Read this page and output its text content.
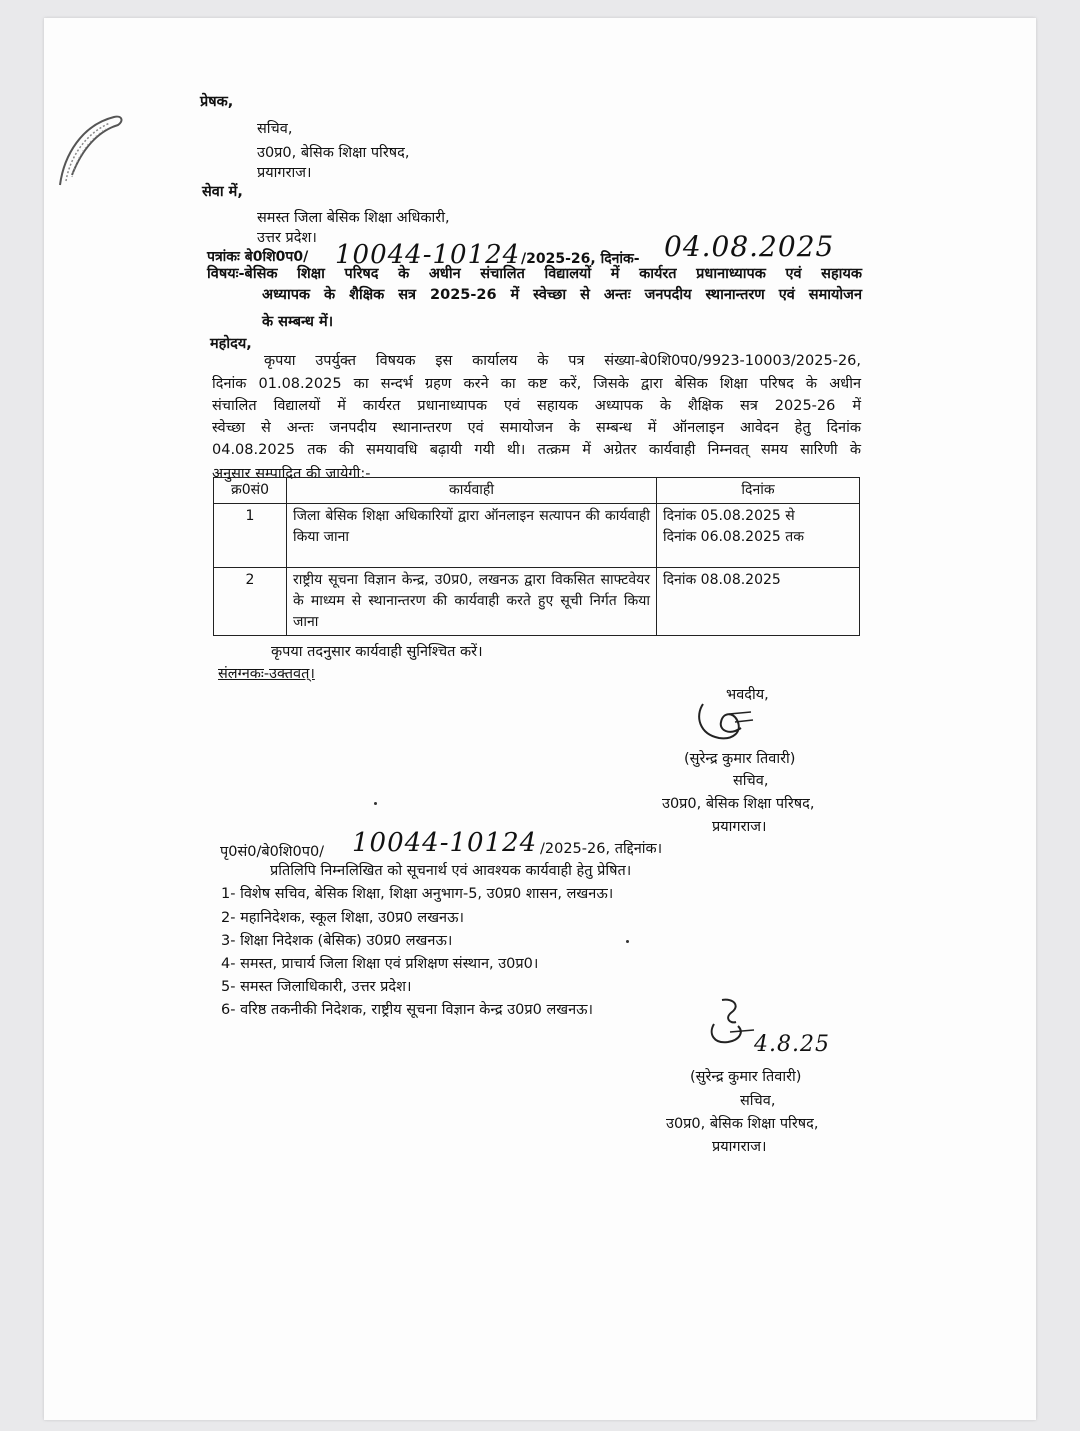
प्रेषक,
सचिव,
उ0प्र0, बेसिक शिक्षा परिषद,
प्रयागराज।
सेवा में,
समस्त जिला बेसिक शिक्षा अधिकारी,
उत्तर प्रदेश।
पत्रांकः बे0शि0प0/ 10044-10124 /2025-26, दिनांक- 04.08.2025
विषयः-बेसिक शिक्षा परिषद के अधीन संचालित विद्यालयों में कार्यरत प्रधानाध्यापक एवं सहायक
अध्यापक के शैक्षिक सत्र 2025-26 में स्वेच्छा से अन्तः जनपदीय स्थानान्तरण एवं समायोजन
के सम्बन्ध में।
महोदय,
कृपया उपर्युक्त विषयक इस कार्यालय के पत्र संख्या-बे0शि0प0/9923-10003/2025-26,
दिनांक 01.08.2025 का सन्दर्भ ग्रहण करने का कष्ट करें, जिसके द्वारा बेसिक शिक्षा परिषद के अधीन
संचालित विद्यालयों में कार्यरत प्रधानाध्यापक एवं सहायक अध्यापक के शैक्षिक सत्र 2025-26 में
स्वेच्छा से अन्तः जनपदीय स्थानान्तरण एवं समायोजन के सम्बन्ध में ऑनलाइन आवेदन हेतु दिनांक
04.08.2025 तक की समयावधि बढ़ायी गयी थी। तत्क्रम में अग्रेतर कार्यवाही निम्नवत् समय सारिणी के
अनुसार सम्पादित की जायेगी:-
क्र0सं0	कार्यवाही	दिनांक
1	जिला बेसिक शिक्षा अधिकारियों द्वारा ऑनलाइन सत्यापन की कार्यवाही किया जाना	दिनांक 05.08.2025 से
दिनांक 06.08.2025 तक

2	राष्ट्रीय सूचना विज्ञान केन्द्र, उ0प्र0, लखनऊ द्वारा विकसित साफ्टवेयर के माध्यम से स्थानान्तरण की कार्यवाही करते हुए सूची निर्गत किया जाना	दिनांक 08.08.2025
कृपया तदनुसार कार्यवाही सुनिश्चित करें।
संलग्नकः-उक्तवत्।
भवदीय,
(सुरेन्द्र कुमार तिवारी)
सचिव,
उ0प्र0, बेसिक शिक्षा परिषद,
प्रयागराज।
पृ0सं0/बे0शि0प0/ 10044-10124 /2025-26, तद्दिनांक।
प्रतिलिपि निम्नलिखित को सूचनार्थ एवं आवश्यक कार्यवाही हेतु प्रेषित।
1- विशेष सचिव, बेसिक शिक्षा, शिक्षा अनुभाग-5, उ0प्र0 शासन, लखनऊ।
2- महानिदेशक, स्कूल शिक्षा, उ0प्र0 लखनऊ।
3- शिक्षा निदेशक (बेसिक) उ0प्र0 लखनऊ।
4- समस्त, प्राचार्य जिला शिक्षा एवं प्रशिक्षण संस्थान, उ0प्र0।
5- समस्त जिलाधिकारी, उत्तर प्रदेश।
6- वरिष्ठ तकनीकी निदेशक, राष्ट्रीय सूचना विज्ञान केन्द्र उ0प्र0 लखनऊ।
4.8.25
(सुरेन्द्र कुमार तिवारी)
सचिव,
उ0प्र0, बेसिक शिक्षा परिषद,
प्रयागराज।
